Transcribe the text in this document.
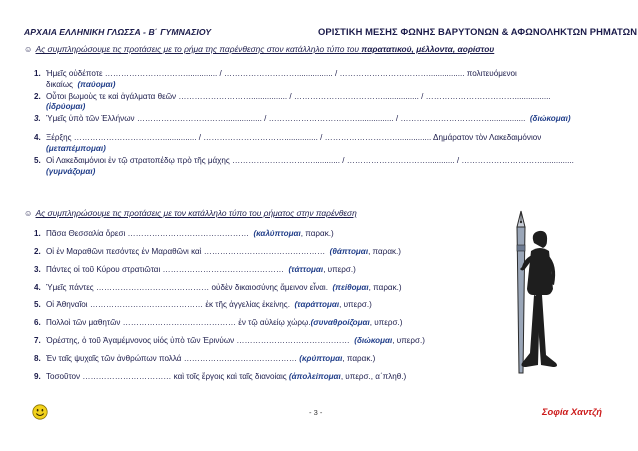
ΑΡΧΑΙΑ ΕΛΛΗΝΙΚΗ ΓΛΩΣΣΑ - Β΄ ΓΥΜΝΑΣΙΟΥ	ΟΡΙΣΤΙΚΗ ΜΕΣΗΣ ΦΩΝΗΣ ΒΑΡΥΤΟΝΩΝ & ΑΦΩΝΟΛΗΚΤΩΝ ΡΗΜΑΤΩΝ
☺ Ας συμπληρώσουμε τις προτάσεις με το ρήμα της παρένθεσης στον κατάλληλο τύπο του παρατατικού, μέλλοντα, αορίστου
1. Ἡμεῖς οὐδέποτε ………………………….............. / ………………………................ / ……………………………................ πολιτευόμενοι
δικαίως (παύομαι)
2. Οὗτοι βωμοὺς τε καὶ ἀγάλματα θεῶν ………………………................ / ……………………………................ / ……………………………................
(ἱδρύομαι)
3. Ὑμεῖς ὑπὸ τῶν Ἑλλήνων ……………………………................ / ……………………………................ / ……………………………................ (διώκομαι)
4. Ξέρξης ……………………………............... / …………………………............... / ………………………............... Δημάρατον τὸν Λακεδαιμόνιον
(μεταπέμπομαι)
5. Οἱ Λακεδαιμόνιοι ἐν τῷ στρατοπέδῳ πρὸ τῆς μάχης …………………………............ / …………………………............ / …………………………..............
(γυμνάζομαι)
☺ Ας συμπληρώσουμε τις προτάσεις με τον κατάλληλο τύπο του ρήματος στην παρένθεση
1. Πᾶσα Θεσσαλία ὄρεσι ……………………………………… (καλύπτομαι, παρακ.)
2. Οἱ ἐν Μαραθῶνι πεσόντες ἐν Μαραθῶνι καὶ ……………………………………… (θάπτομαι, παρακ.)
3. Πάντες οἱ τοῦ Κύρου στρατιῶται ……………………………………… (τάττομαι, υπερσ.)
4. Ὑμεῖς πάντες …………………………………… οὐδὲν δικαιοσύνης ἄμεινον εἶναι. (πείθομαι, παρακ.)
5. Οἱ Ἀθηναῖοι …………………………………… ἐκ τῆς ἀγγελίας ἐκείνης. (ταράττομαι, υπερσ.)
6. Πολλοὶ τῶν μαθητῶν …………………………………… ἐν τῷ αὐλείῳ χώρῳ.(συναθροίζομαι, υπερσ.)
7. Ὀρέστης, ὁ τοῦ Ἀγαμέμνονος υἱός ὑπὸ τῶν Ἐρινύων …………………………………… (διώκομαι, υπερσ.)
8. Ἐν ταῖς ψυχαῖς τῶν ἀνθρώπων πολλά …………………………………… (κρύπτομαι, παρακ.)
9. Τοσοῦτον …………………………… καὶ τοῖς ἔργοις καὶ ταῖς διανοίαις (ἀπολείπομαι, υπερσ., α΄πληθ.)
- 3 -	Σοφία Χαντζή
